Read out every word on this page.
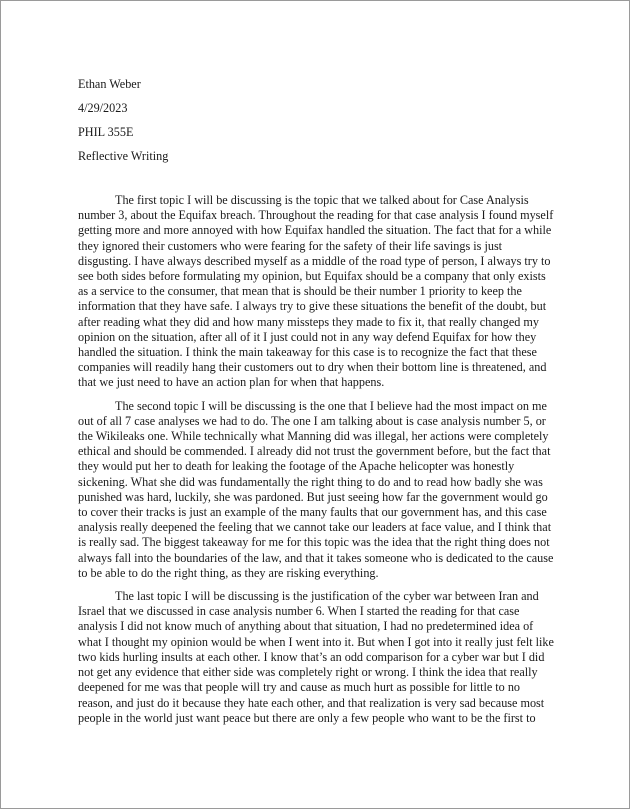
Ethan Weber
4/29/2023
PHIL 355E
Reflective Writing

The first topic I will be discussing is the topic that we talked about for Case Analysis number 3, about the Equifax breach. Throughout the reading for that case analysis I found myself getting more and more annoyed with how Equifax handled the situation. The fact that for a while they ignored their customers who were fearing for the safety of their life savings is just disgusting. I have always described myself as a middle of the road type of person, I always try to see both sides before formulating my opinion, but Equifax should be a company that only exists as a service to the consumer, that mean that is should be their number 1 priority to keep the information that they have safe. I always try to give these situations the benefit of the doubt, but after reading what they did and how many missteps they made to fix it, that really changed my opinion on the situation, after all of it I just could not in any way defend Equifax for how they handled the situation. I think the main takeaway for this case is to recognize the fact that these companies will readily hang their customers out to dry when their bottom line is threatened, and that we just need to have an action plan for when that happens.

The second topic I will be discussing is the one that I believe had the most impact on me out of all 7 case analyses we had to do. The one I am talking about is case analysis number 5, or the Wikileaks one. While technically what Manning did was illegal, her actions were completely ethical and should be commended. I already did not trust the government before, but the fact that they would put her to death for leaking the footage of the Apache helicopter was honestly sickening. What she did was fundamentally the right thing to do and to read how badly she was punished was hard, luckily, she was pardoned. But just seeing how far the government would go to cover their tracks is just an example of the many faults that our government has, and this case analysis really deepened the feeling that we cannot take our leaders at face value, and I think that is really sad. The biggest takeaway for me for this topic was the idea that the right thing does not always fall into the boundaries of the law, and that it takes someone who is dedicated to the cause to be able to do the right thing, as they are risking everything.

The last topic I will be discussing is the justification of the cyber war between Iran and Israel that we discussed in case analysis number 6. When I started the reading for that case analysis I did not know much of anything about that situation, I had no predetermined idea of what I thought my opinion would be when I went into it. But when I got into it really just felt like two kids hurling insults at each other. I know that’s an odd comparison for a cyber war but I did not get any evidence that either side was completely right or wrong. I think the idea that really deepened for me was that people will try and cause as much hurt as possible for little to no reason, and just do it because they hate each other, and that realization is very sad because most people in the world just want peace but there are only a few people who want to be the first to
